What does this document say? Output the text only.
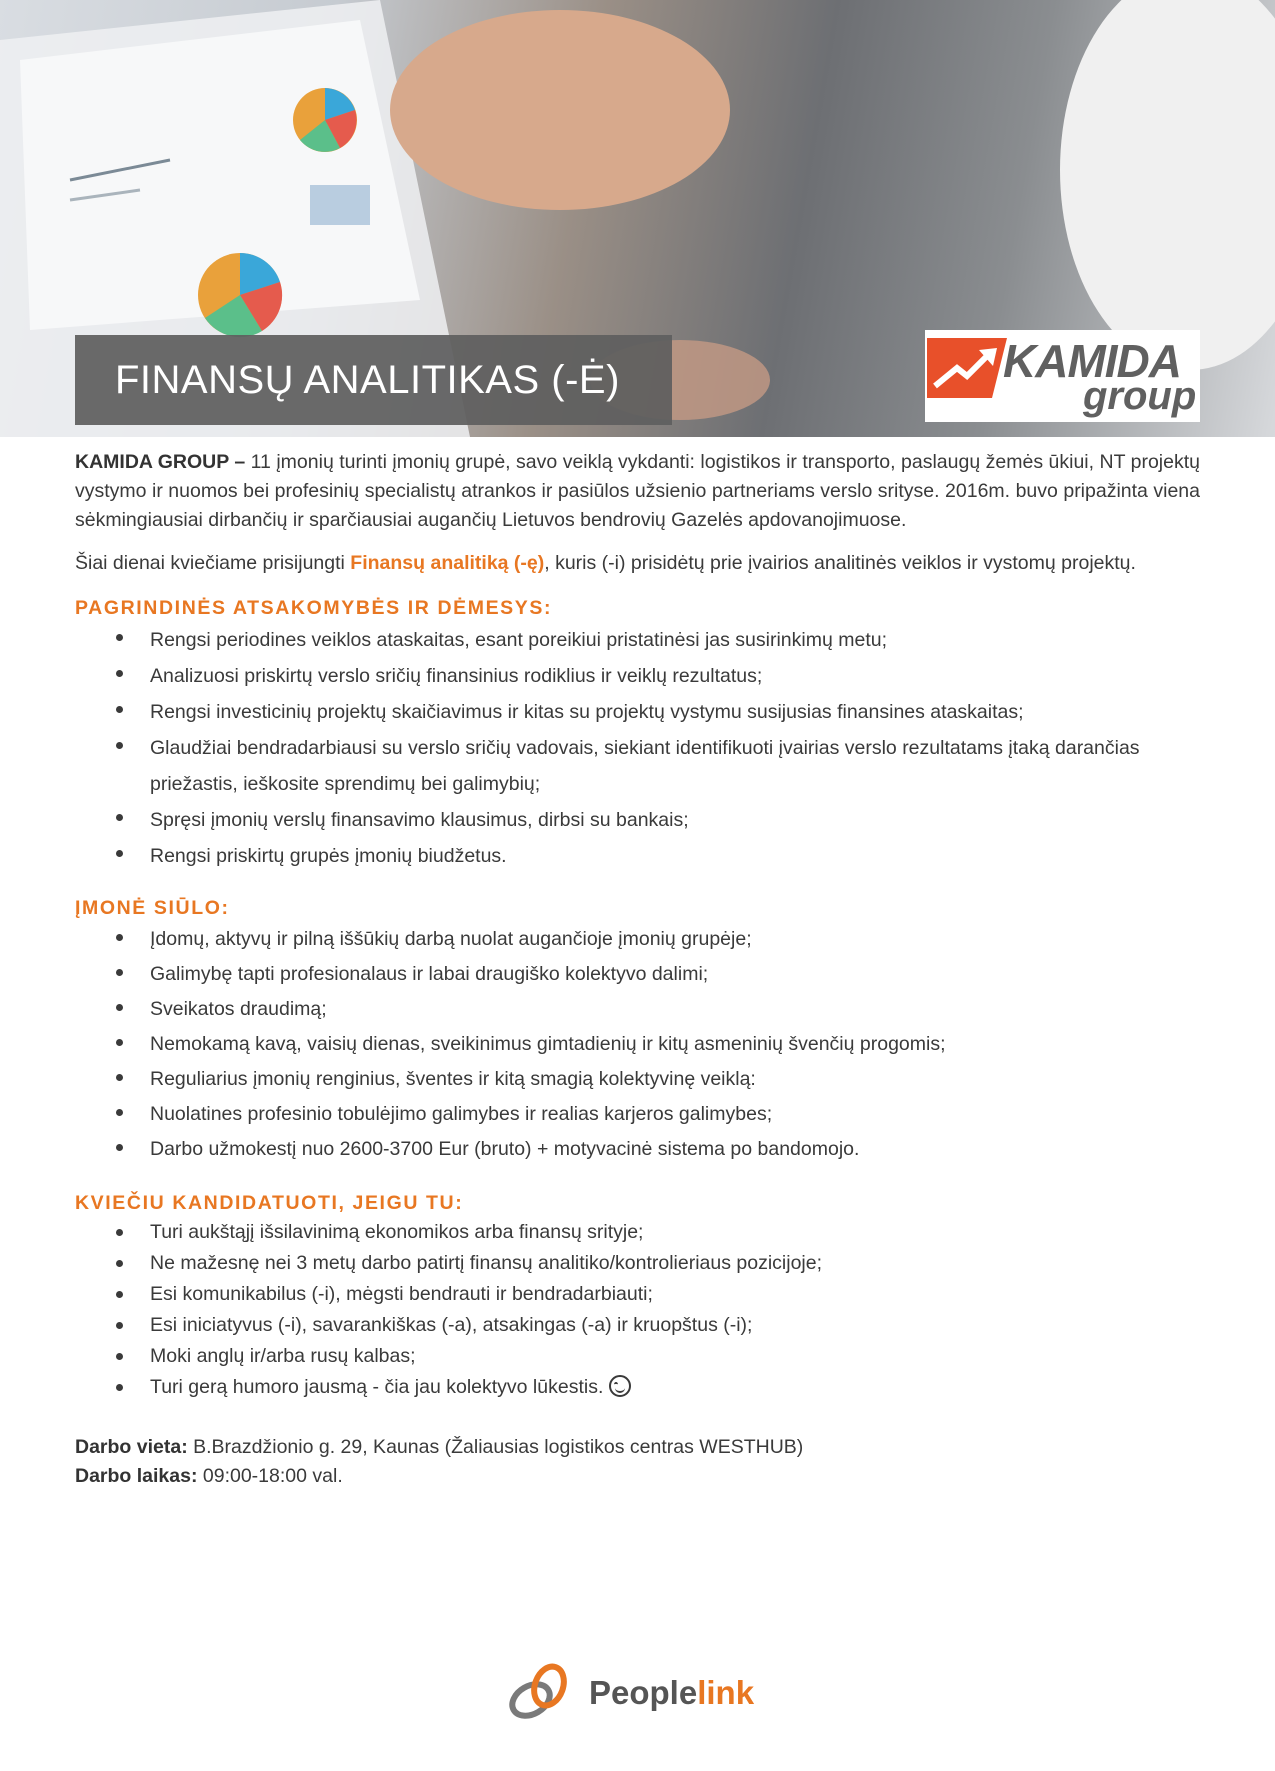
FINANSŲ ANALITIKAS (-Ė)	KAMIDA
group

KAMIDA GROUP – 11 įmonių turinti įmonių grupė, savo veiklą vykdanti: logistikos ir transporto, paslaugų žemės ūkiui, NT projektų vystymo ir nuomos bei profesinių specialistų atrankos ir pasiūlos užsienio partneriams verslo srityse. 2016m. buvo pripažinta viena sėkmingiausiai dirbančių ir sparčiausiai augančių Lietuvos bendrovių Gazelės apdovanojimuose.

Šiai dienai kviečiame prisijungti Finansų analitiką (-ę), kuris (-i) prisidėtų prie įvairios analitinės veiklos ir vystomų projektų.

PAGRINDINĖS ATSAKOMYBĖS IR DĖMESYS:
Rengsi periodines veiklos ataskaitas, esant poreikiui pristatinėsi jas susirinkimų metu;
Analizuosi priskirtų verslo sričių finansinius rodiklius ir veiklų rezultatus;
Rengsi investicinių projektų skaičiavimus ir kitas su projektų vystymu susijusias finansines ataskaitas;
Glaudžiai bendradarbiausi su verslo sričių vadovais, siekiant identifikuoti įvairias verslo rezultatams įtaką darančias priežastis, ieškosite sprendimų bei galimybių;
Spręsi įmonių verslų finansavimo klausimus, dirbsi su bankais;
Rengsi priskirtų grupės įmonių biudžetus.
ĮMONĖ SIŪLO:
Įdomų, aktyvų ir pilną iššūkių darbą nuolat augančioje įmonių grupėje;
Galimybę tapti profesionalaus ir labai draugiško kolektyvo dalimi;
Sveikatos draudimą;
Nemokamą kavą, vaisių dienas, sveikinimus gimtadienių ir kitų asmeninių švenčių progomis;
Reguliarius įmonių renginius, šventes ir kitą smagią kolektyvinę veiklą:
Nuolatines profesinio tobulėjimo galimybes ir realias karjeros galimybes;
Darbo užmokestį nuo 2600-3700 Eur (bruto) + motyvacinė sistema po bandomojo.
KVIEČIU KANDIDATUOTI, JEIGU TU:
Turi aukštąjį išsilavinimą ekonomikos arba finansų srityje;
Ne mažesnę nei 3 metų darbo patirtį finansų analitiko/kontrolieriaus pozicijoje;
Esi komunikabilus (-i), mėgsti bendrauti ir bendradarbiauti;
Esi iniciatyvus (-i), savarankiškas (-a), atsakingas (-a) ir kruopštus (-i);
Moki anglų ir/arba rusų kalbas;
Turi gerą humoro jausmą - čia jau kolektyvo lūkestis.

Darbo vieta: B.Brazdžionio g. 29, Kaunas (Žaliausias logistikos centras WESTHUB)

Darbo laikas: 09:00-18:00 val.

Peoplelink
